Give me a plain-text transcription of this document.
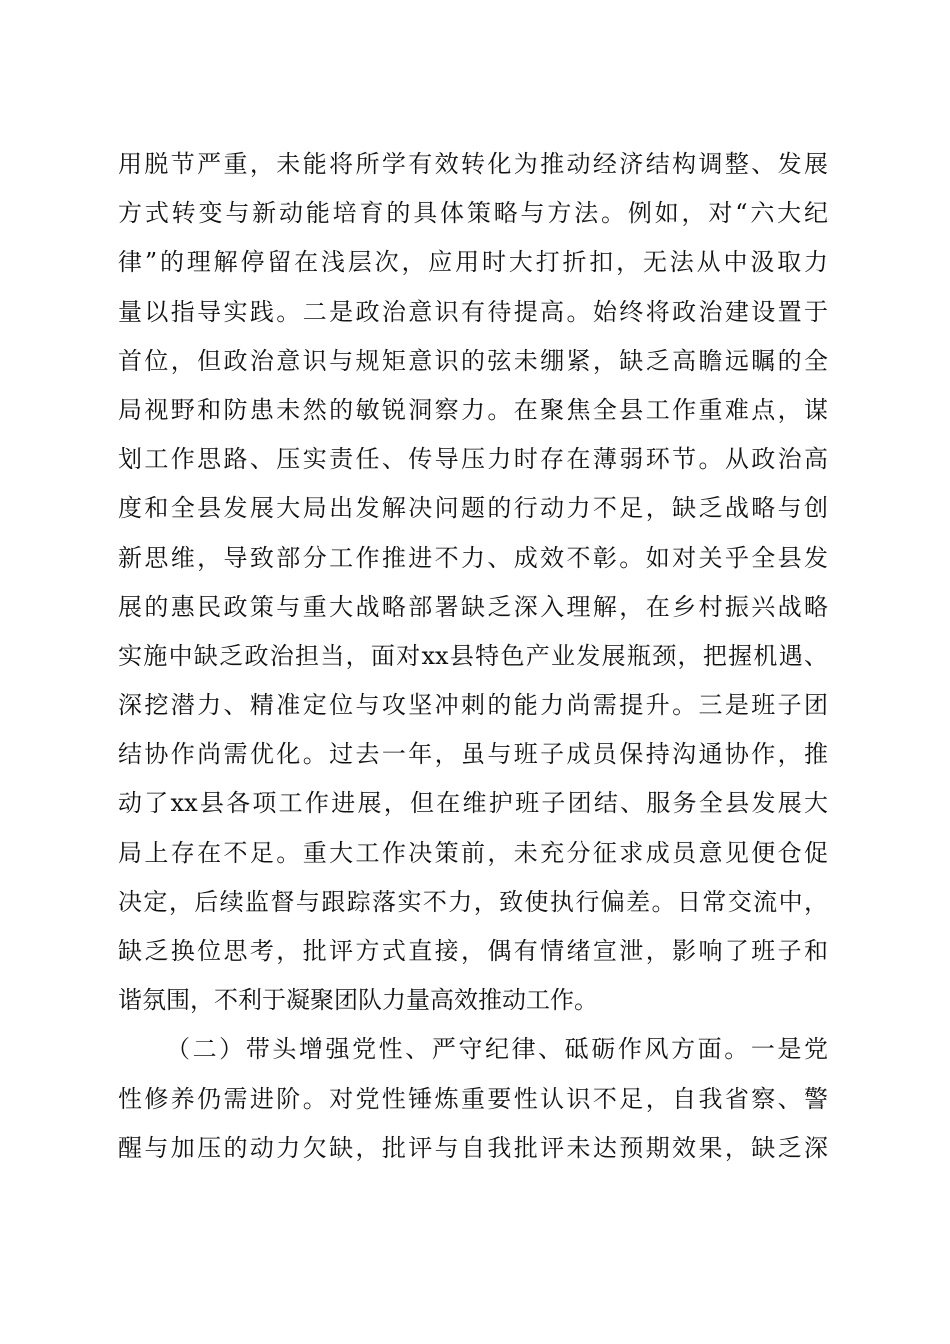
用脱节严重，未能将所学有效转化为推动经济结构调整、发展
方式转变与新动能培育的具体策略与方法。例如，对“六大纪
律”的理解停留在浅层次，应用时大打折扣，无法从中汲取力
量以指导实践。二是政治意识有待提高。始终将政治建设置于
首位，但政治意识与规矩意识的弦未绷紧，缺乏高瞻远瞩的全
局视野和防患未然的敏锐洞察力。在聚焦全县工作重难点，谋
划工作思路、压实责任、传导压力时存在薄弱环节。从政治高
度和全县发展大局出发解决问题的行动力不足，缺乏战略与创
新思维，导致部分工作推进不力、成效不彰。如对关乎全县发
展的惠民政策与重大战略部署缺乏深入理解，在乡村振兴战略
实施中缺乏政治担当，面对xx县特色产业发展瓶颈，把握机遇、
深挖潜力、精准定位与攻坚冲刺的能力尚需提升。三是班子团
结协作尚需优化。过去一年，虽与班子成员保持沟通协作，推
动了xx县各项工作进展，但在维护班子团结、服务全县发展大
局上存在不足。重大工作决策前，未充分征求成员意见便仓促
决定，后续监督与跟踪落实不力，致使执行偏差。日常交流中，
缺乏换位思考，批评方式直接，偶有情绪宣泄，影响了班子和
谐氛围，不利于凝聚团队力量高效推动工作。
（二）带头增强党性、严守纪律、砥砺作风方面。一是党
性修养仍需进阶。对党性锤炼重要性认识不足，自我省察、警
醒与加压的动力欠缺，批评与自我批评未达预期效果，缺乏深
